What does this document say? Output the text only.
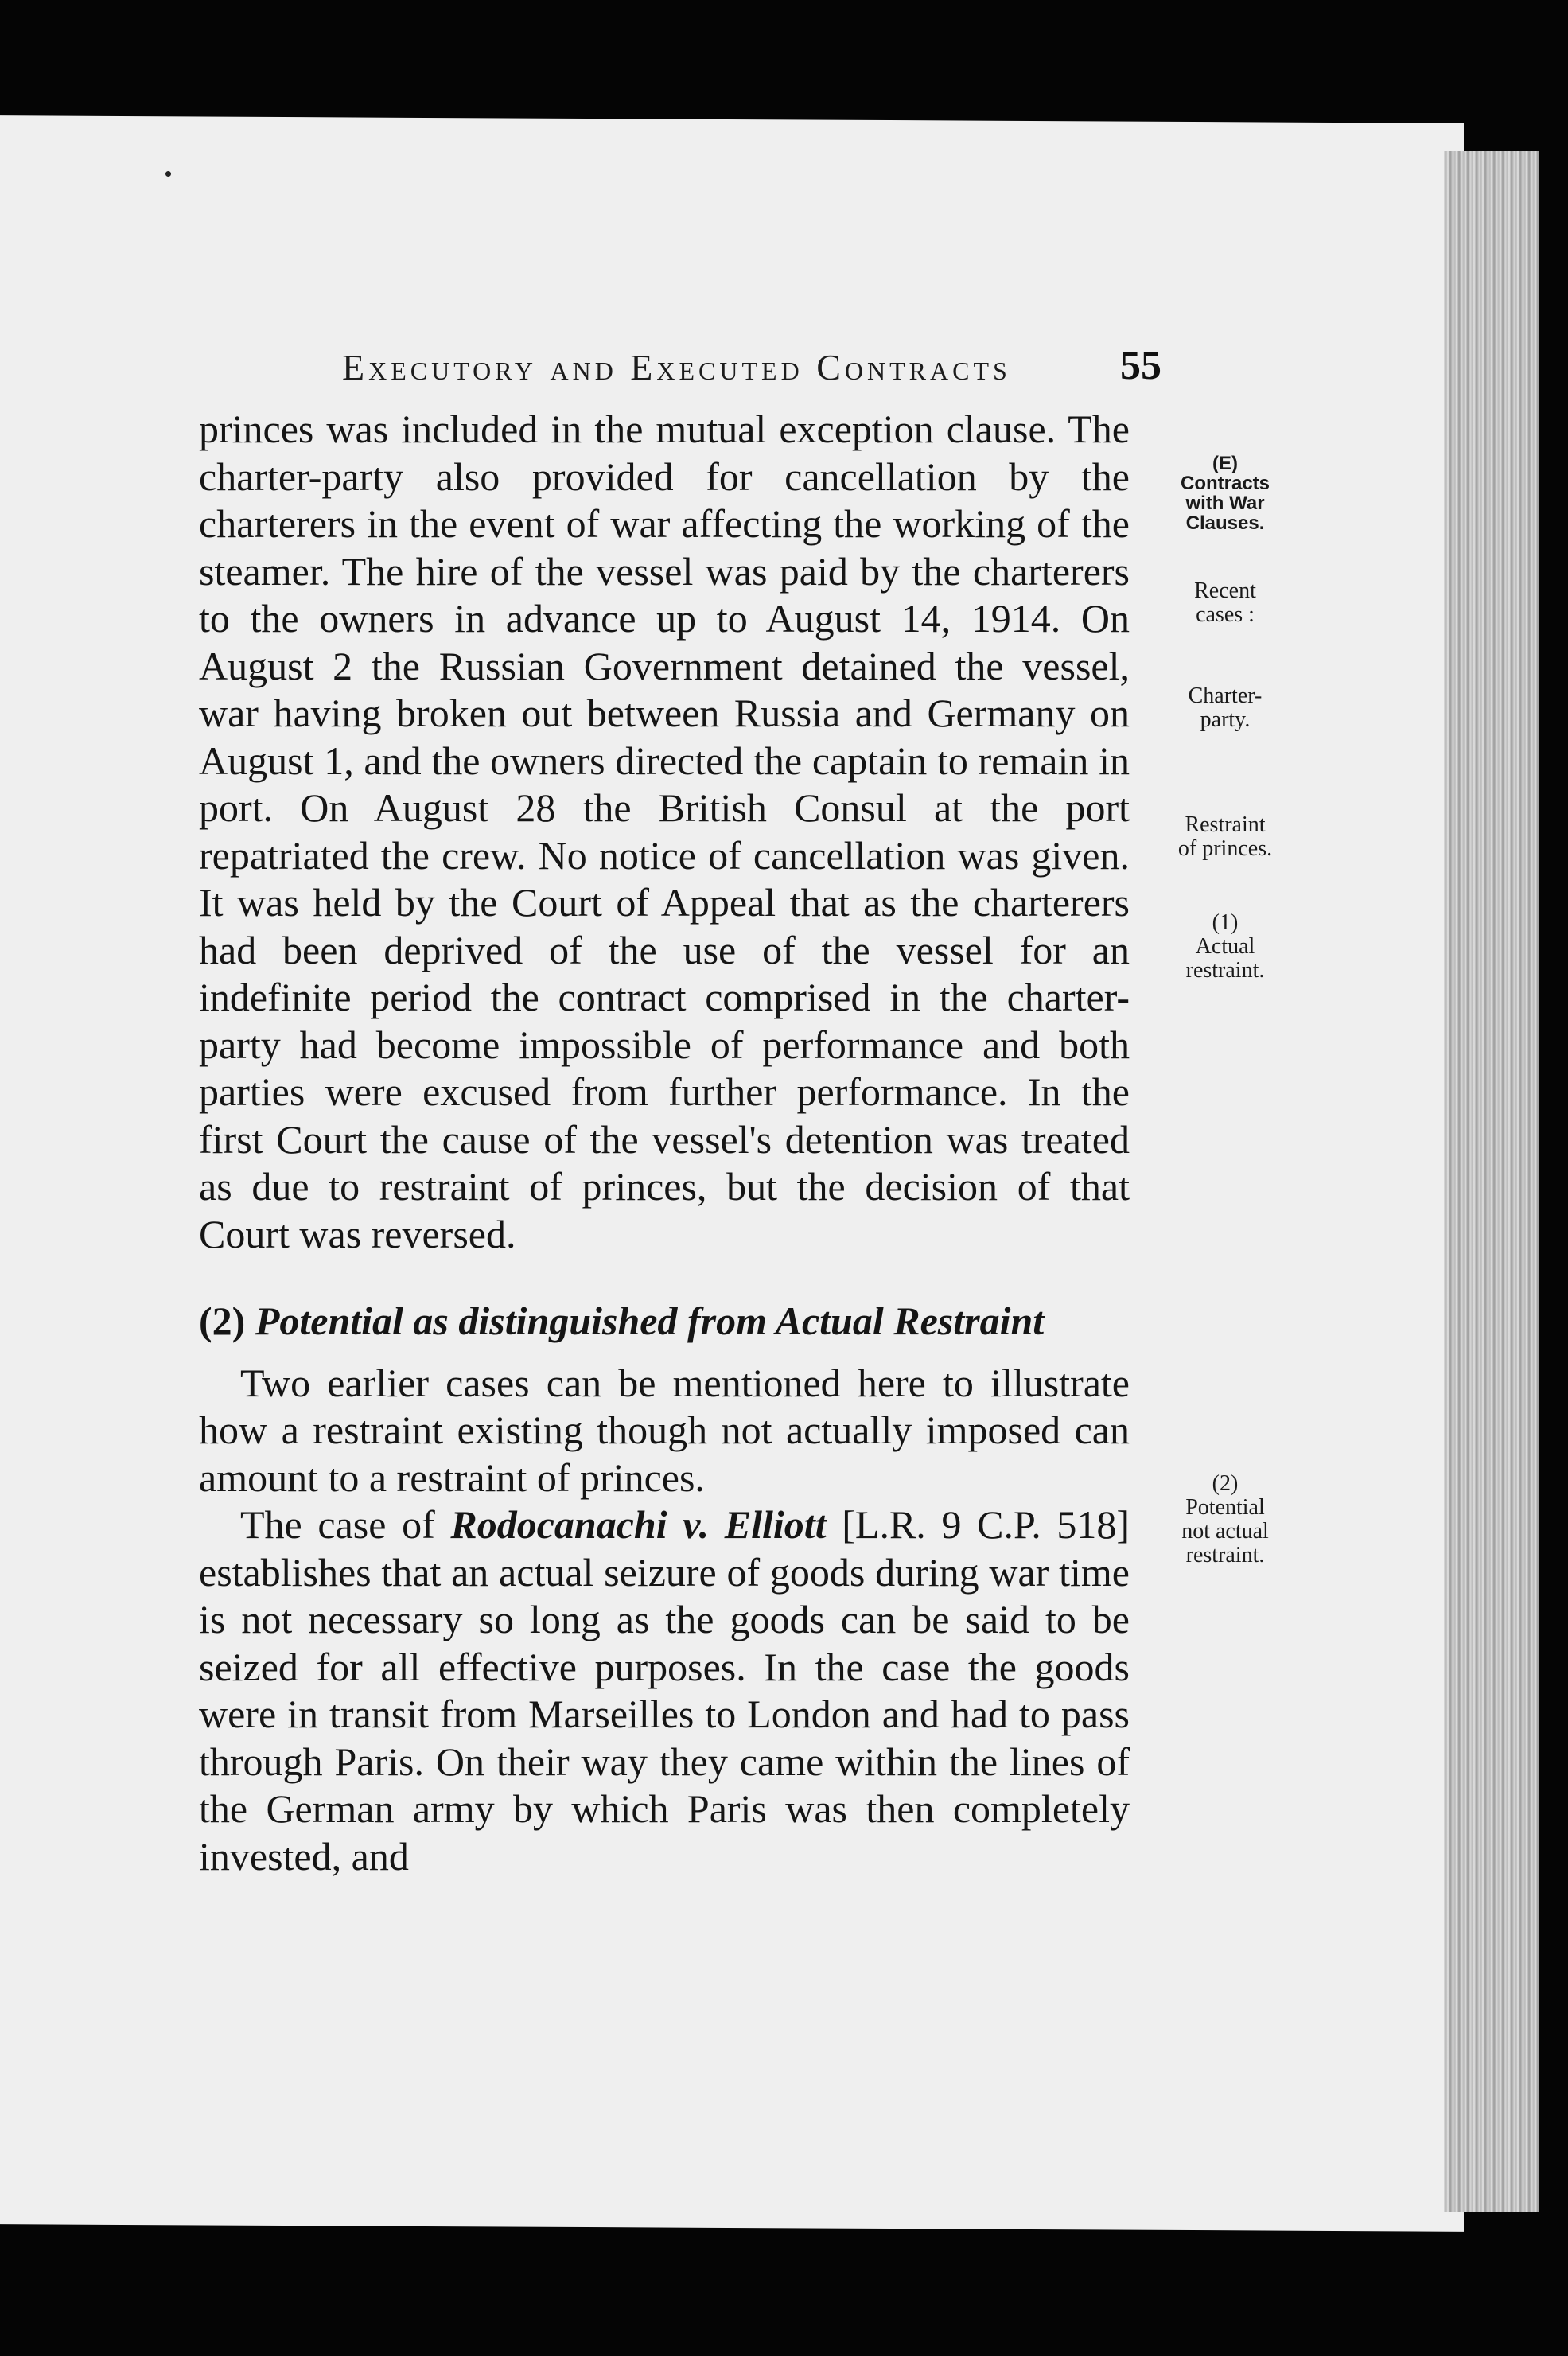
Executory and Executed Contracts	55

princes was included in the mutual exception clause. The charter-party also provided for cancellation by the charterers in the event of war affecting the working of the steamer. The hire of the vessel was paid by the charterers to the owners in advance up to August 14, 1914. On August 2 the Russian Government detained the vessel, war having broken out between Russia and Germany on August 1, and the owners directed the captain to remain in port. On August 28 the British Consul at the port repatriated the crew. No notice of cancellation was given. It was held by the Court of Appeal that as the charterers had been deprived of the use of the vessel for an indefinite period the contract comprised in the charter-party had become impossible of performance and both parties were excused from further performance. In the first Court the cause of the vessel's detention was treated as due to restraint of princes, but the decision of that Court was reversed.

(2) Potential as distinguished from Actual Restraint

Two earlier cases can be mentioned here to illustrate how a restraint existing though not actually imposed can amount to a restraint of princes.

The case of Rodocanachi v. Elliott [L.R. 9 C.P. 518] establishes that an actual seizure of goods during war time is not necessary so long as the goods can be said to be seized for all effective purposes. In the case the goods were in transit from Marseilles to London and had to pass through Paris. On their way they came within the lines of the German army by which Paris was then completely invested, and

(E)
Contracts
with War
Clauses.
Recent
cases :
Charter-
party.
Restraint
of princes.
(1)
Actual
restraint.
(2)
Potential
not actual
restraint.
